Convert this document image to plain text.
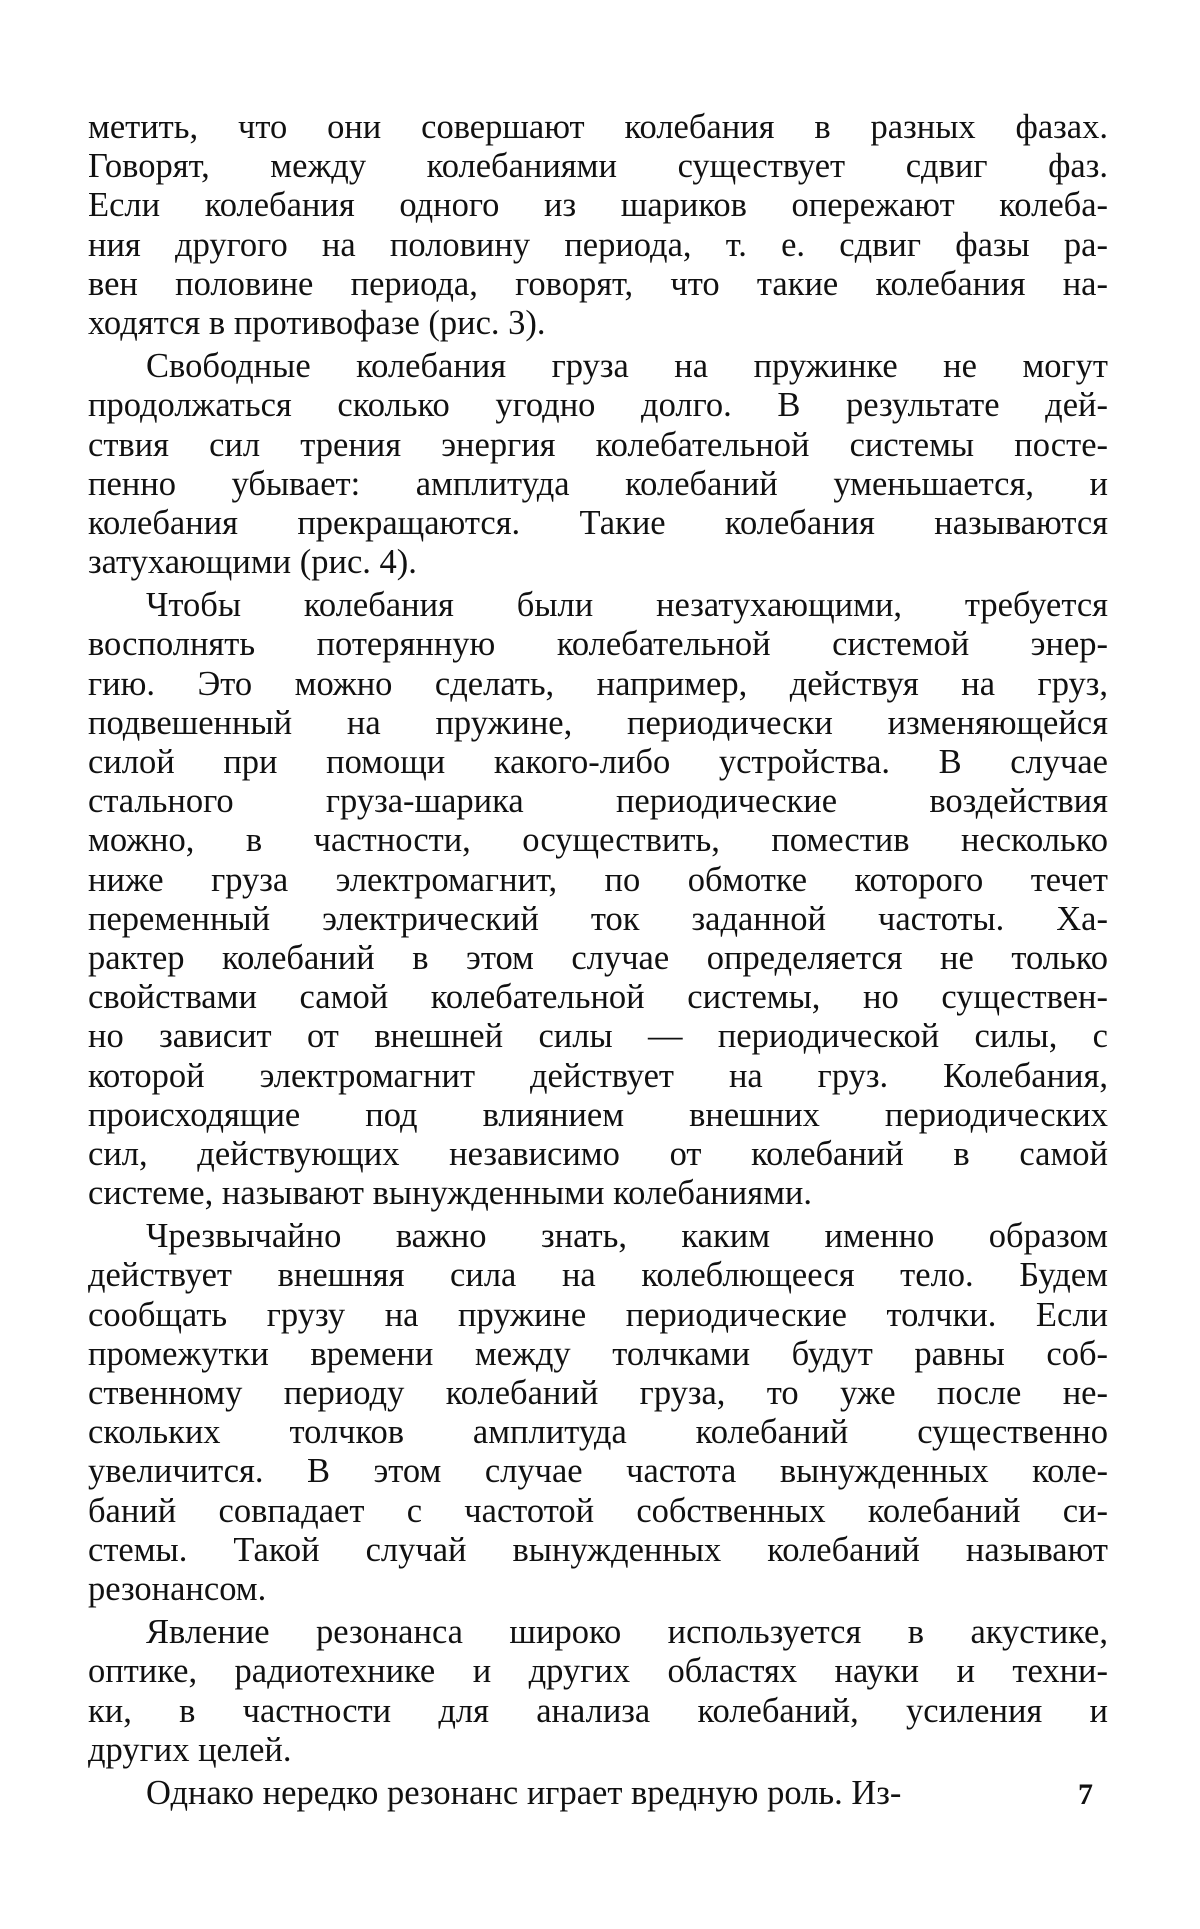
метить, что они совершают колебания в разных фазах.
Говорят, между колебаниями существует сдвиг фаз.
Если колебания одного из шариков опережают колеба-
ния другого на половину периода, т. е. сдвиг фазы ра-
вен половине периода, говорят, что такие колебания на-
ходятся в противофазе (рис. 3).
Свободные колебания груза на пружинке не могут
продолжаться сколько угодно долго. В результате дей-
ствия сил трения энергия колебательной системы посте-
пенно убывает: амплитуда колебаний уменьшается, и
колебания прекращаются. Такие колебания называются
затухающими (рис. 4).
Чтобы колебания были незатухающими, требуется
восполнять потерянную колебательной системой энер-
гию. Это можно сделать, например, действуя на груз,
подвешенный на пружине, периодически изменяющейся
силой при помощи какого-либо устройства. В случае
стального груза-шарика периодические воздействия
можно, в частности, осуществить, поместив несколько
ниже груза электромагнит, по обмотке которого течет
переменный электрический ток заданной частоты. Ха-
рактер колебаний в этом случае определяется не только
свойствами самой колебательной системы, но существен-
но зависит от внешней силы — периодической силы, с
которой электромагнит действует на груз. Колебания,
происходящие под влиянием внешних периодических
сил, действующих независимо от колебаний в самой
системе, называют вынужденными колебаниями.
Чрезвычайно важно знать, каким именно образом
действует внешняя сила на колеблющееся тело. Будем
сообщать грузу на пружине периодические толчки. Если
промежутки времени между толчками будут равны соб-
ственному периоду колебаний груза, то уже после не-
скольких толчков амплитуда колебаний существенно
увеличится. В этом случае частота вынужденных коле-
баний совпадает с частотой собственных колебаний си-
стемы. Такой случай вынужденных колебаний называют
резонансом.
Явление резонанса широко используется в акустике,
оптике, радиотехнике и других областях науки и техни-
ки, в частности для анализа колебаний, усиления и
других целей.
Однако нередко резонанс играет вредную роль. Из-	7
